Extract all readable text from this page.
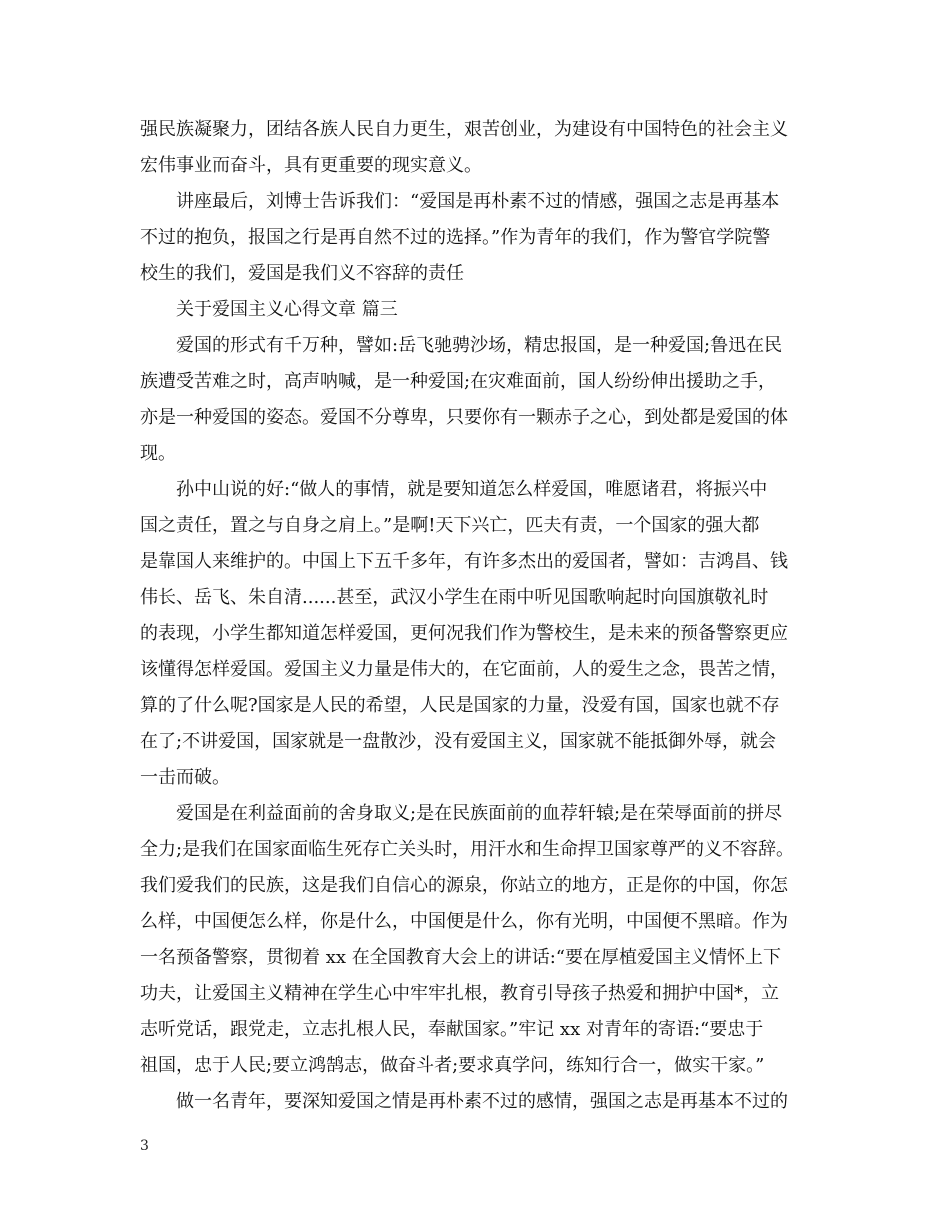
强民族凝聚力，团结各族人民自力更生，艰苦创业，为建设有中国特色的社会主义
宏伟事业而奋斗，具有更重要的现实意义。
讲座最后，刘博士告诉我们：“爱国是再朴素不过的情感，强国之志是再基本
不过的抱负，报国之行是再自然不过的选择。”作为青年的我们，作为警官学院警
校生的我们，爱国是我们义不容辞的责任
关于爱国主义心得文章 篇三
爱国的形式有千万种，譬如:岳飞驰骋沙场，精忠报国，是一种爱国;鲁迅在民
族遭受苦难之时，高声呐喊，是一种爱国;在灾难面前，国人纷纷伸出援助之手，
亦是一种爱国的姿态。爱国不分尊卑，只要你有一颗赤子之心，到处都是爱国的体
现。
孙中山说的好:“做人的事情，就是要知道怎么样爱国，唯愿诸君，将振兴中
国之责任，置之与自身之肩上。”是啊!天下兴亡，匹夫有责，一个国家的强大都
是靠国人来维护的。中国上下五千多年，有许多杰出的爱国者，譬如：吉鸿昌、钱
伟长、岳飞、朱自清......甚至，武汉小学生在雨中听见国歌响起时向国旗敬礼时
的表现，小学生都知道怎样爱国，更何况我们作为警校生，是未来的预备警察更应
该懂得怎样爱国。爱国主义力量是伟大的，在它面前，人的爱生之念，畏苦之情，
算的了什么呢?国家是人民的希望，人民是国家的力量，没爱有国，国家也就不存
在了;不讲爱国，国家就是一盘散沙，没有爱国主义，国家就不能抵御外辱，就会
一击而破。
爱国是在利益面前的舍身取义;是在民族面前的血荐轩辕;是在荣辱面前的拼尽
全力;是我们在国家面临生死存亡关头时，用汗水和生命捍卫国家尊严的义不容辞。
我们爱我们的民族，这是我们自信心的源泉，你站立的地方，正是你的中国，你怎
么样，中国便怎么样，你是什么，中国便是什么，你有光明，中国便不黑暗。作为
一名预备警察，贯彻着 xx 在全国教育大会上的讲话:“要在厚植爱国主义情怀上下
功夫，让爱国主义精神在学生心中牢牢扎根，教育引导孩子热爱和拥护中国*，立
志听党话，跟党走，立志扎根人民，奉献国家。”牢记 xx 对青年的寄语:“要忠于
祖国，忠于人民;要立鸿鹄志，做奋斗者;要求真学问，练知行合一，做实干家。”
做一名青年，要深知爱国之情是再朴素不过的感情，强国之志是再基本不过的
3
